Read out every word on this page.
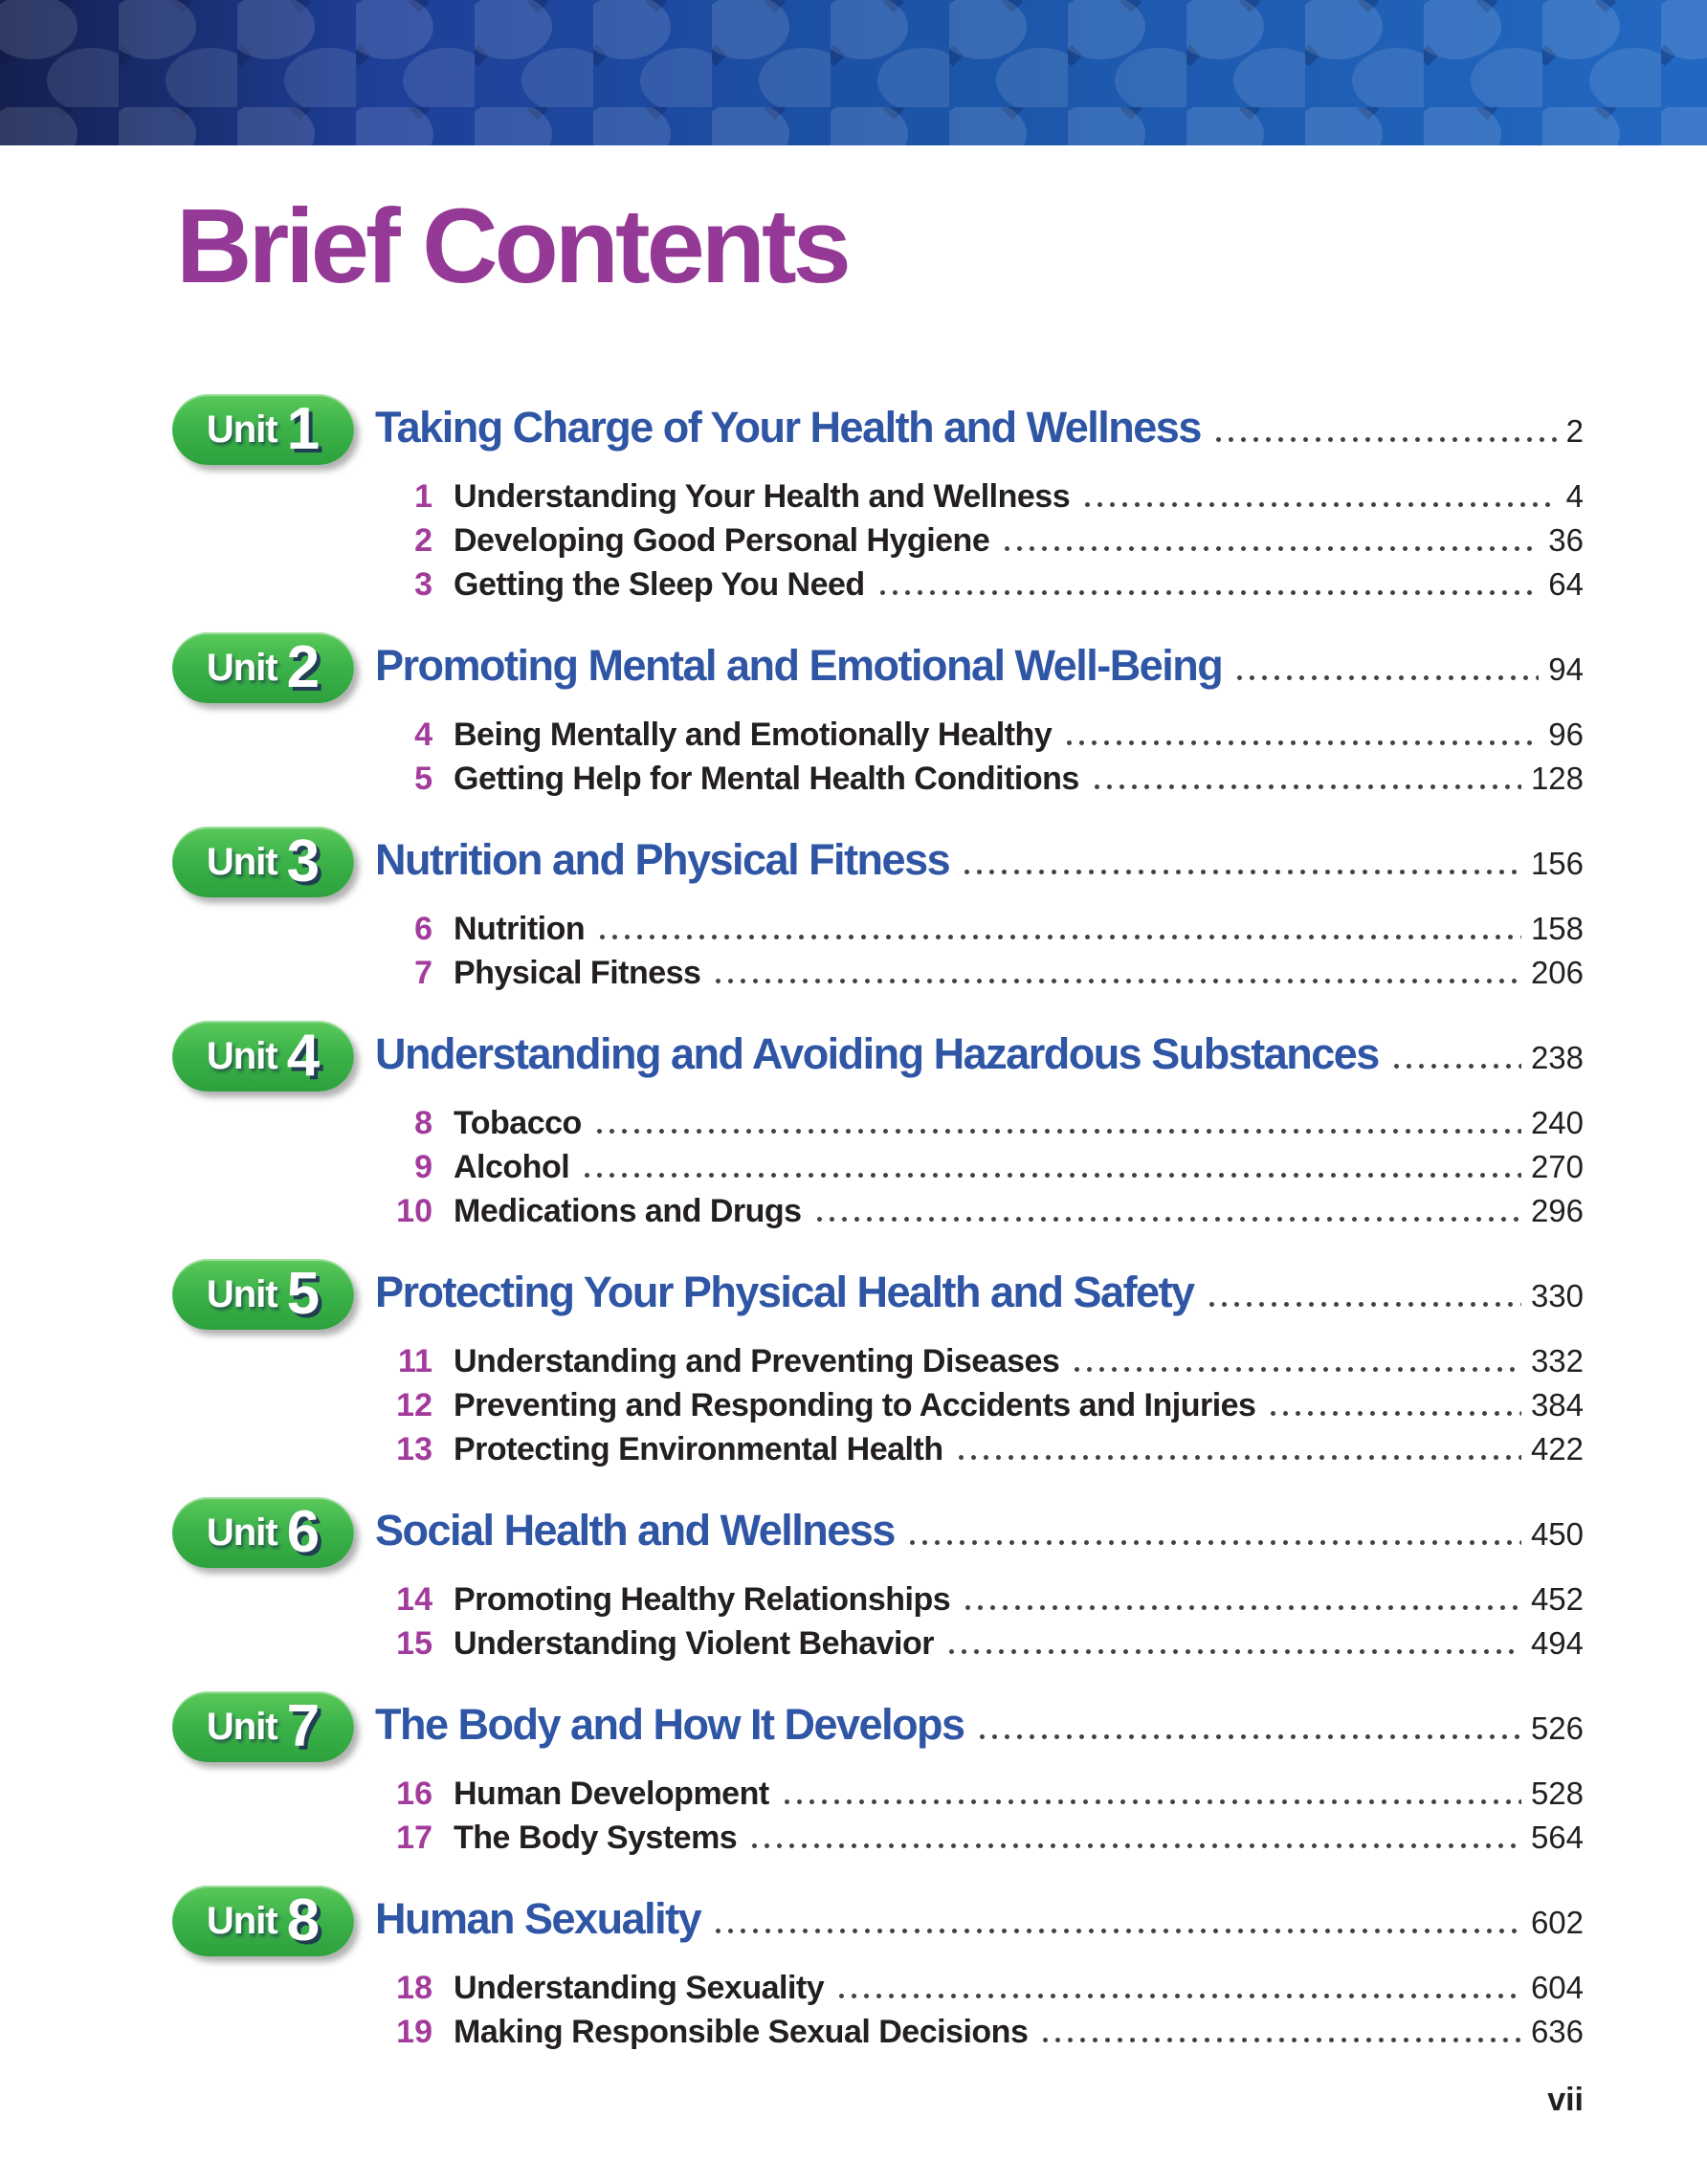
Brief Contents
Unit 1 Taking Charge of Your Health and Wellness	2
1 Understanding Your Health and Wellness	4
2 Developing Good Personal Hygiene	36
3 Getting the Sleep You Need	64
Unit 2 Promoting Mental and Emotional Well-Being	94
4 Being Mentally and Emotionally Healthy	96
5 Getting Help for Mental Health Conditions	128
Unit 3 Nutrition and Physical Fitness	156
6 Nutrition	158
7 Physical Fitness	206
Unit 4 Understanding and Avoiding Hazardous Substances	238
8 Tobacco	240
9 Alcohol	270
10 Medications and Drugs	296
Unit 5 Protecting Your Physical Health and Safety	330
11 Understanding and Preventing Diseases	332
12 Preventing and Responding to Accidents and Injuries	384
13 Protecting Environmental Health	422
Unit 6 Social Health and Wellness	450
14 Promoting Healthy Relationships	452
15 Understanding Violent Behavior	494
Unit 7 The Body and How It Develops	526
16 Human Development	528
17 The Body Systems	564
Unit 8 Human Sexuality	602
18 Understanding Sexuality	604
19 Making Responsible Sexual Decisions	636
vii
